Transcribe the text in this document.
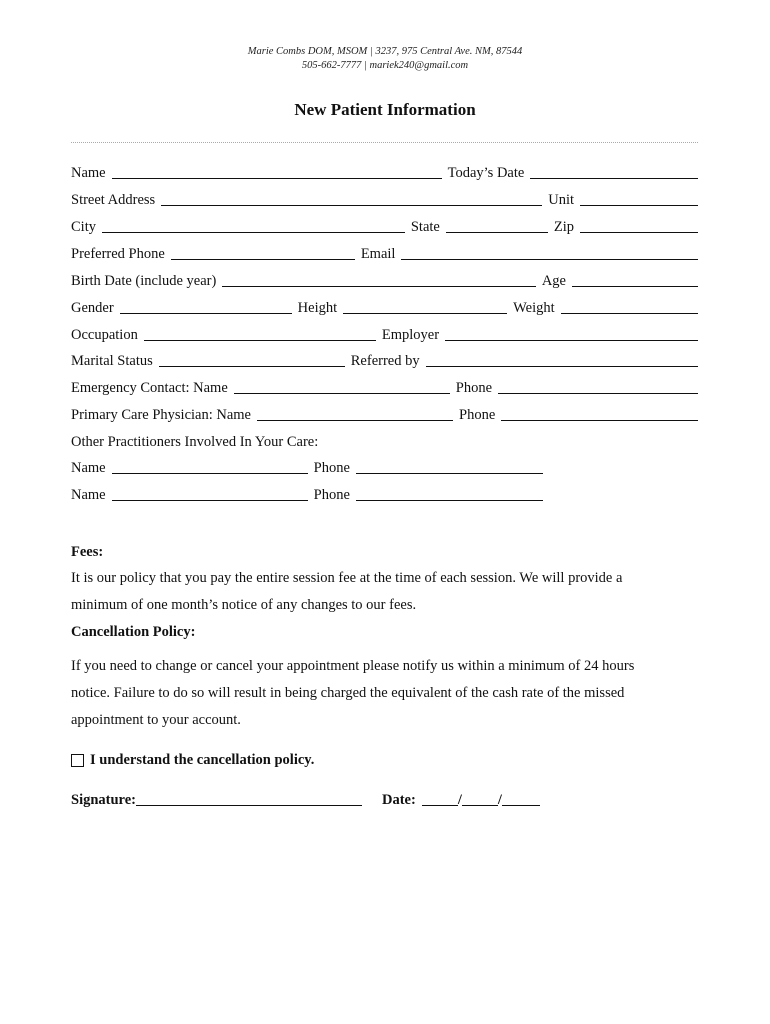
Marie Combs DOM, MSOM | 3237, 975 Central Ave. NM, 87544
505-662-7777 | mariek240@gmail.com
New Patient Information
Name	Today’s Date
Street Address	Unit
City	State	Zip
Preferred Phone	Email
Birth Date (include year)	Age
Gender	Height	Weight
Occupation	Employer
Marital Status	Referred by
Emergency Contact: Name	Phone
Primary Care Physician: Name	Phone
Other Practitioners Involved In Your Care:
Name	Phone
Name	Phone
Fees:
It is our policy that you pay the entire session fee at the time of each session. We will provide a minimum of one month’s notice of any changes to our fees.
Cancellation Policy:
If you need to change or cancel your appointment please notify us within a minimum of 24 hours notice. Failure to do so will result in being charged the equivalent of the cash rate of the missed appointment to your account.
I understand the cancellation policy.
Signature:	Date:	/ /
